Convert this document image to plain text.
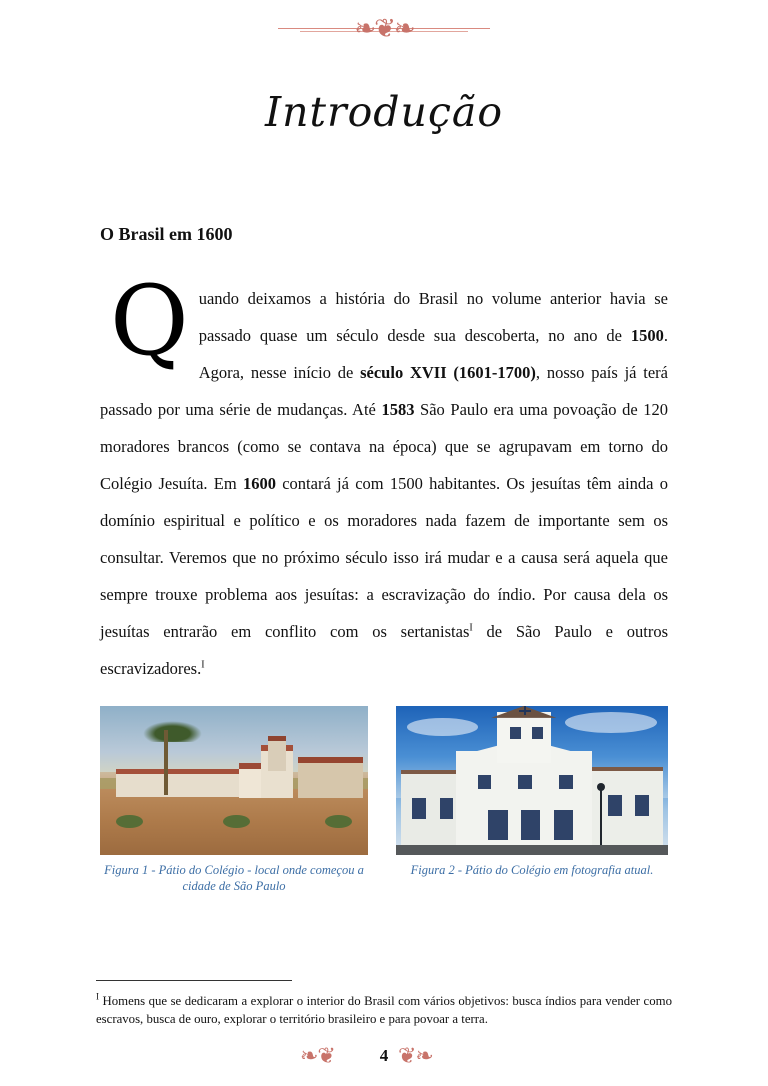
❧❦❧
Introdução
O Brasil em 1600
Quando deixamos a história do Brasil no volume anterior havia se passado quase um século desde sua descoberta, no ano de 1500. Agora, nesse início de século XVII (1601-1700), nosso país já terá passado por uma série de mudanças. Até 1583 São Paulo era uma povoação de 120 moradores brancos (como se contava na época) que se agrupavam em torno do Colégio Jesuíta. Em 1600 contará já com 1500 habitantes. Os jesuítas têm ainda o domínio espiritual e político e os moradores nada fazem de importante sem os consultar. Veremos que no próximo século isso irá mudar e a causa será aquela que sempre trouxe problema aos jesuítas: a escravização do índio. Por causa dela os jesuítas entrarão em conflito com os sertanistas$^I$ de São Paulo e outros escravizadores.$^I$
Figura 1 - Pátio do Colégio - local onde começou a cidade de São Paulo
Figura 2 - Pátio do Colégio em fotografia atual.
$^I$ Homens que se dedicaram a explorar o interior do Brasil com vários objetivos: busca índios para vender como escravos, busca de ouro, explorar o território brasileiro e para povoar a terra.
❧❦	4 ❦❧
